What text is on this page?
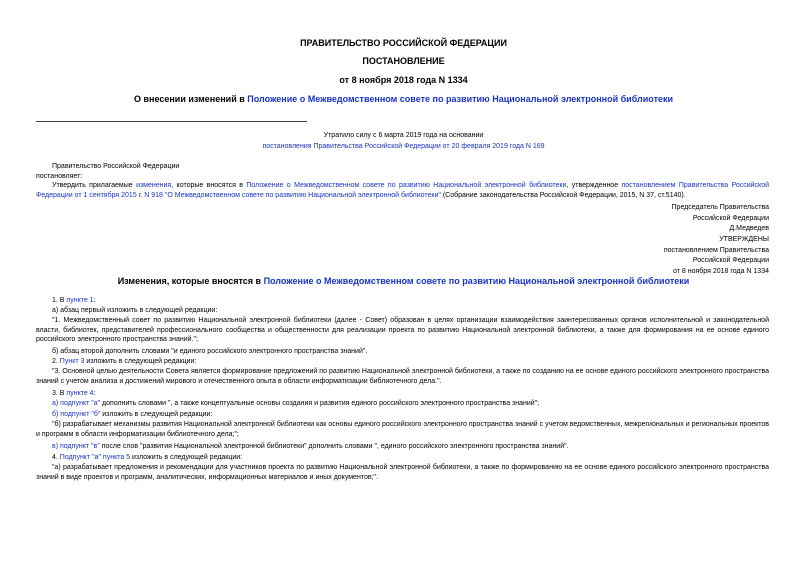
ПРАВИТЕЛЬСТВО РОССИЙСКОЙ ФЕДЕРАЦИИ
ПОСТАНОВЛЕНИЕ
от 8 ноября 2018 года N 1334
О внесении изменений в Положение о Межведомственном совете по развитию Национальной электронной библиотеки
Утратило силу с 6 марта 2019 года на основании
постановления Правительства Российской Федерации от 20 февраля 2019 года N 169
Правительство Российской Федерации
постановляет:
Утвердить прилагаемые изменения, которые вносятся в Положение о Межведомственном совете по развитию Национальной электронной библиотеки, утвержденное постановлением Правительства Российской Федерации от 1 сентября 2015 г. N 918 "О Межведомственном совете по развитию Национальной электронной библиотеки" (Собрание законодательства Российской Федерации, 2015, N 37, ст.5140).
Председатель Правительства
Российской Федерации
Д.Медведев
УТВЕРЖДЕНЫ
постановлением Правительства
Российской Федерации
от 8 ноября 2018 года N 1334
Изменения, которые вносятся в Положение о Межведомственном совете по развитию Национальной электронной библиотеки
1. В пункте 1:
а) абзац первый изложить в следующей редакции:
"1. Межведомственный совет по развитию Национальной электронной библиотеки (далее - Совет) образован в целях организации взаимодействия заинтересованных органов исполнительной и законодательной власти, библиотек, представителей профессионального сообщества и общественности для реализации проекта по развитию Национальной электронной библиотеки, а также для формирования на ее основе единого российского электронного пространства знаний.";
б) абзац второй дополнить словами "и единого российского электронного пространства знаний".
2. Пункт 3 изложить в следующей редакции:
"3. Основной целью деятельности Совета является формирование предложений по развитию Национальной электронной библиотеки, а также по созданию на ее основе единого российского электронного пространства знаний с учетом анализа и достижений мирового и отечественного опыта в области информатизации библиотечного дела.".
3. В пункте 4:
а) подпункт "а" дополнить словами ", а также концептуальные основы создания и развития единого российского электронного пространства знаний";
б) подпункт "б" изложить в следующей редакции:
"б) разрабатывает механизмы развития Национальной электронной библиотеки как основы единого российского электронного пространства знаний с учетом ведомственных, межрегиональных и региональных проектов и программ в области информатизации библиотечного дела;";
в) подпункт "в" после слов "развития Национальной электронной библиотеки" дополнить словами ", единого российского электронного пространства знаний".
4. Подпункт "а" пункта 5 изложить в следующей редакции:
"а) разрабатывает предложения и рекомендации для участников проекта по развитию Национальной электронной библиотеки, а также по формированию на ее основе единого российского электронного пространства знаний в виде проектов и программ, аналитических, информационных материалов и иных документов;".
